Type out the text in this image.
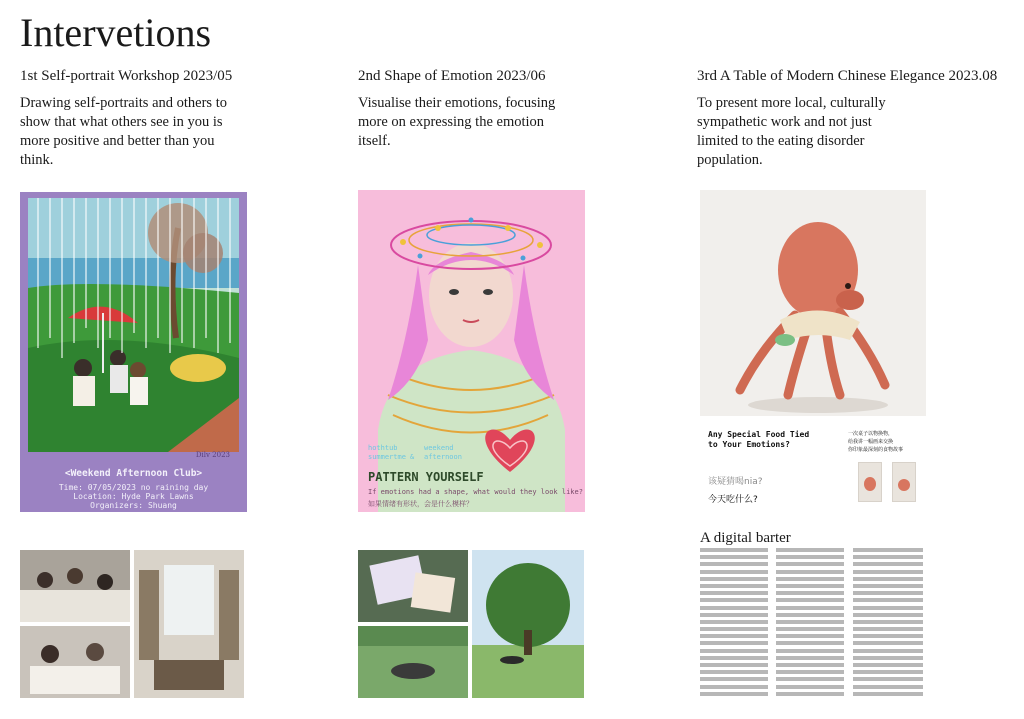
Intervetions
1st Self-portrait Workshop 2023/05	2nd Shape of Emotion 2023/06	3rd A Table of Modern Chinese Elegance 2023.08
Drawing self-portraits and others to show that what others see in you is more positive and better than you think.
Visualise their emotions, focusing more on expressing the emotion itself.
To present more local, culturally sympathetic work and not just limited to the eating disorder population.
Dilv 2023
<Weekend Afternoon Club>
Time: 07/05/2023 no raining day
Location: Hyde Park Lawns
Organizers: Shuang
hothtub
summertme &
weekend
afternoon
PATTERN YOURSELF
If emotions had a shape, what would they look like?
如果情绪有形状，会是什么模样？
Any Special Food Tied
to Your Emotions?
一次桌子以物换物，
给我讲一幅画来交换
你印象最深刻的食物故事
该疑猜喝nia?
今天吃什么?
A digital barter
